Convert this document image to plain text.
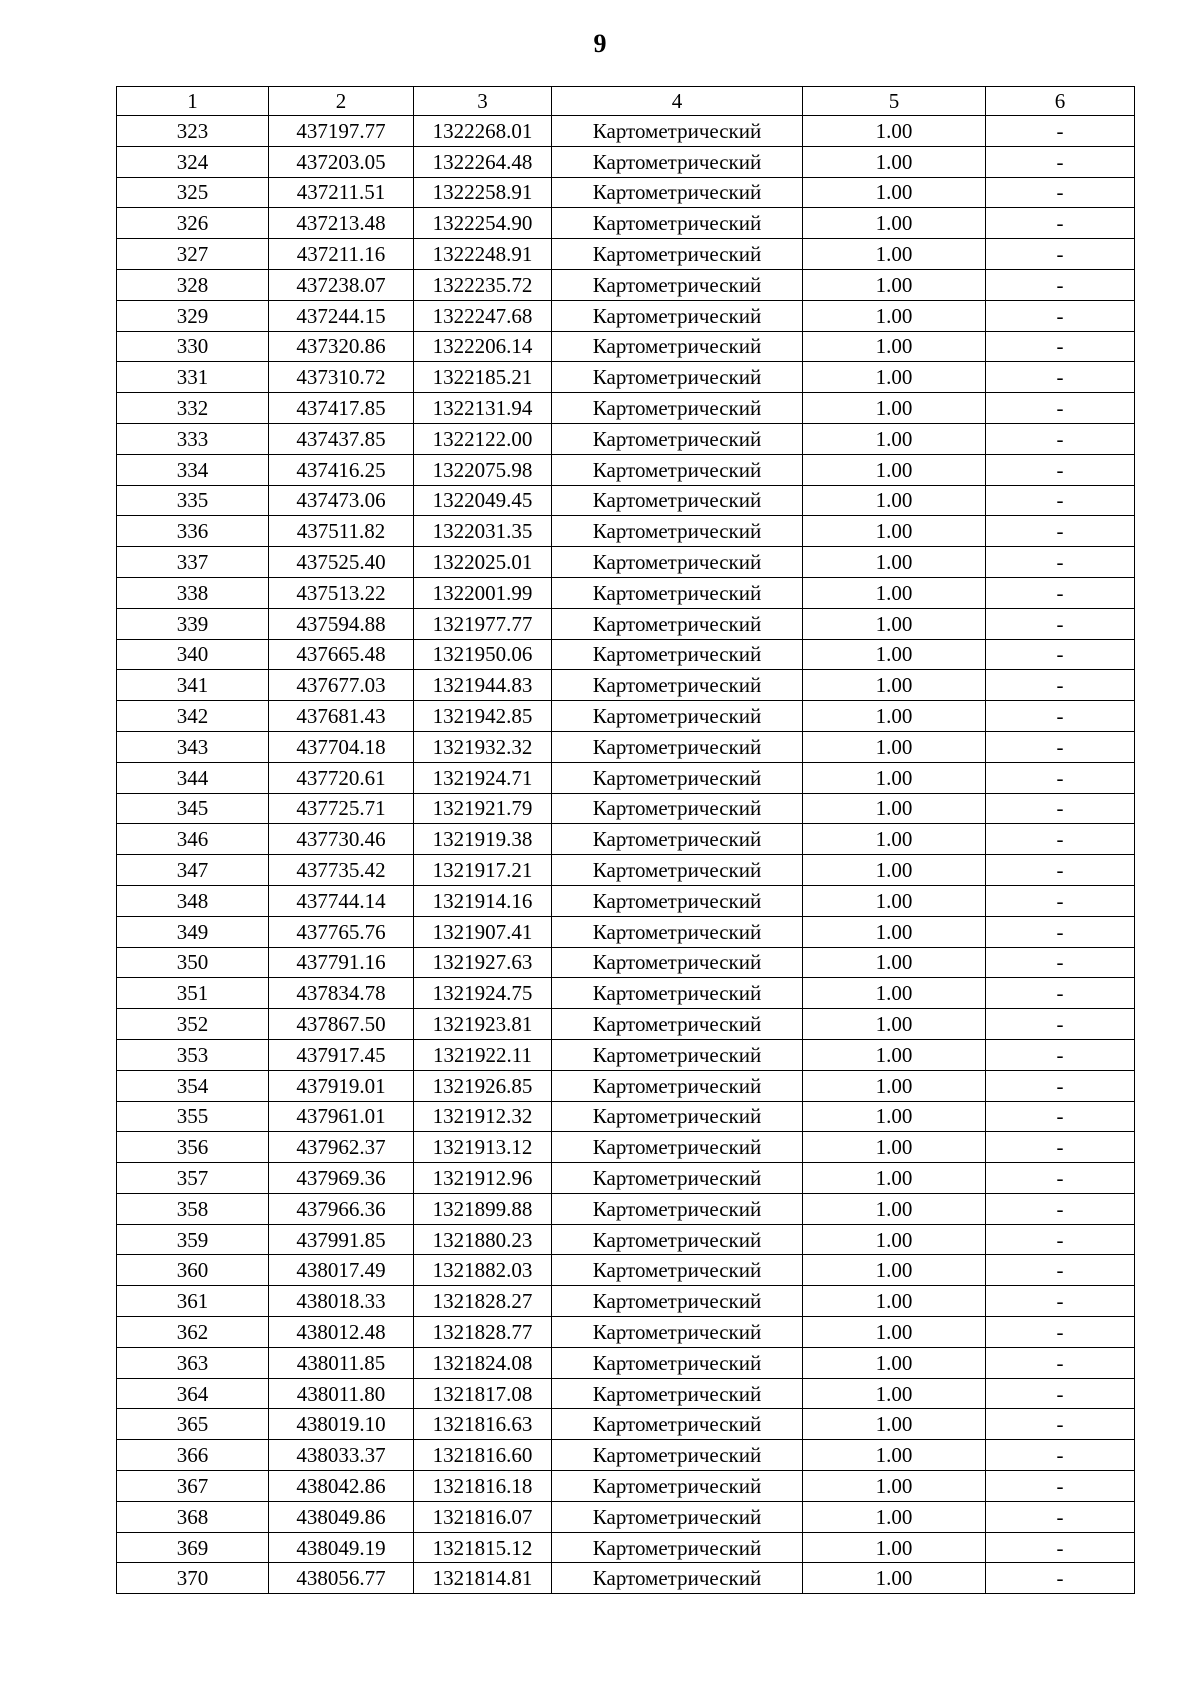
9
1	2	3	4	5	6
323	437197.77	1322268.01	Картометрический	1.00	-
324	437203.05	1322264.48	Картометрический	1.00	-
325	437211.51	1322258.91	Картометрический	1.00	-
326	437213.48	1322254.90	Картометрический	1.00	-
327	437211.16	1322248.91	Картометрический	1.00	-
328	437238.07	1322235.72	Картометрический	1.00	-
329	437244.15	1322247.68	Картометрический	1.00	-
330	437320.86	1322206.14	Картометрический	1.00	-
331	437310.72	1322185.21	Картометрический	1.00	-
332	437417.85	1322131.94	Картометрический	1.00	-
333	437437.85	1322122.00	Картометрический	1.00	-
334	437416.25	1322075.98	Картометрический	1.00	-
335	437473.06	1322049.45	Картометрический	1.00	-
336	437511.82	1322031.35	Картометрический	1.00	-
337	437525.40	1322025.01	Картометрический	1.00	-
338	437513.22	1322001.99	Картометрический	1.00	-
339	437594.88	1321977.77	Картометрический	1.00	-
340	437665.48	1321950.06	Картометрический	1.00	-
341	437677.03	1321944.83	Картометрический	1.00	-
342	437681.43	1321942.85	Картометрический	1.00	-
343	437704.18	1321932.32	Картометрический	1.00	-
344	437720.61	1321924.71	Картометрический	1.00	-
345	437725.71	1321921.79	Картометрический	1.00	-
346	437730.46	1321919.38	Картометрический	1.00	-
347	437735.42	1321917.21	Картометрический	1.00	-
348	437744.14	1321914.16	Картометрический	1.00	-
349	437765.76	1321907.41	Картометрический	1.00	-
350	437791.16	1321927.63	Картометрический	1.00	-
351	437834.78	1321924.75	Картометрический	1.00	-
352	437867.50	1321923.81	Картометрический	1.00	-
353	437917.45	1321922.11	Картометрический	1.00	-
354	437919.01	1321926.85	Картометрический	1.00	-
355	437961.01	1321912.32	Картометрический	1.00	-
356	437962.37	1321913.12	Картометрический	1.00	-
357	437969.36	1321912.96	Картометрический	1.00	-
358	437966.36	1321899.88	Картометрический	1.00	-
359	437991.85	1321880.23	Картометрический	1.00	-
360	438017.49	1321882.03	Картометрический	1.00	-
361	438018.33	1321828.27	Картометрический	1.00	-
362	438012.48	1321828.77	Картометрический	1.00	-
363	438011.85	1321824.08	Картометрический	1.00	-
364	438011.80	1321817.08	Картометрический	1.00	-
365	438019.10	1321816.63	Картометрический	1.00	-
366	438033.37	1321816.60	Картометрический	1.00	-
367	438042.86	1321816.18	Картометрический	1.00	-
368	438049.86	1321816.07	Картометрический	1.00	-
369	438049.19	1321815.12	Картометрический	1.00	-
370	438056.77	1321814.81	Картометрический	1.00	-
